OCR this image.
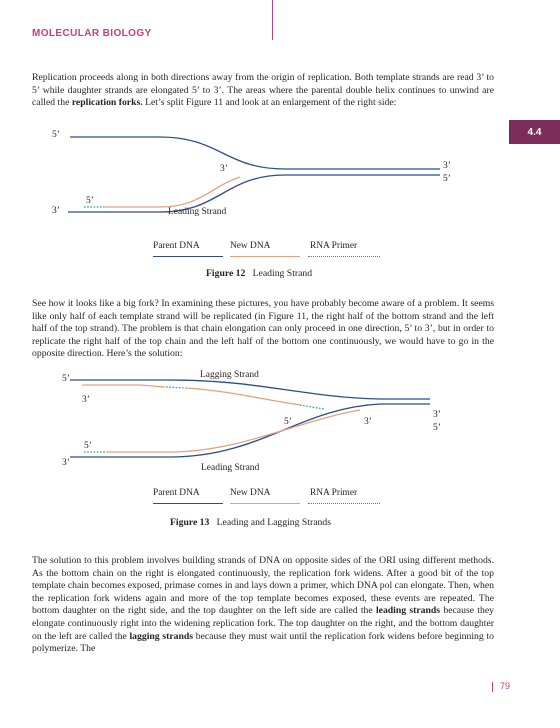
MOLECULAR BIOLOGY
4.4

Replication proceeds along in both directions away from the origin of replication. Both template strands are read 3’ to 5’ while daughter strands are elongated 5’ to 3’. The areas where the parental double helix continues to unwind are called the replication forks. Let’s split Figure 11 and look at an enlargement of the right side:

5’
3’
5’
3’	3’
5’
Leading Strand
Parent DNA	New DNA	RNA Primer
Figure 12 Leading Strand

See how it looks like a big fork? In examining these pictures, you have probably become aware of a problem. It seems like only half of each template strand will be replicated (in Figure 11, the right half of the bottom strand and the left half of the top strand). The problem is that chain elongation can only proceed in one direction, 5’ to 3’, but in order to replicate the right half of the top chain and the left half of the bottom one continuously, we would have to go in the opposite direction. Here’s the solution:

Lagging Strand
5’
3’
5’	3’
3’
5’
5’
3’	Leading Strand
Parent DNA	New DNA	RNA Primer
Figure 13 Leading and Lagging Strands

The solution to this problem involves building strands of DNA on opposite sides of the ORI using different methods. As the bottom chain on the right is elongated continuously, the replication fork widens. After a good bit of the top template chain becomes exposed, primase comes in and lays down a primer, which DNA pol can elongate. Then, when the replication fork widens again and more of the top template becomes exposed, these events are repeated. The bottom daughter on the right side, and the top daughter on the left side are called the leading strands because they elongate continuously right into the widening replication fork. The top daughter on the right, and the bottom daughter on the left are called the lagging strands because they must wait until the replication fork widens before beginning to polymerize. The

79
